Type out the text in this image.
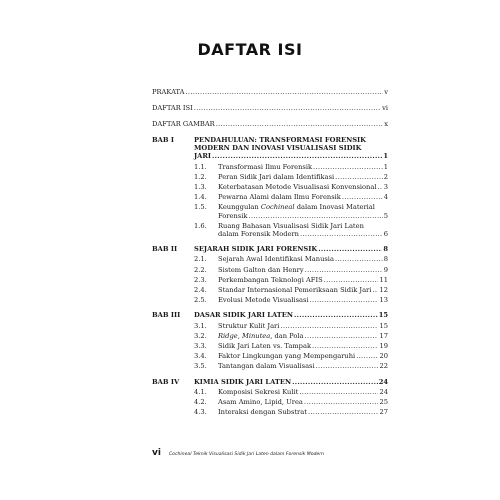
DAFTAR ISI
PRAKATA .....	v
DAFTAR ISI .....	vi
DAFTAR GAMBAR .....	x
BAB I	PENDAHULUAN: TRANSFORMASI FORENSIK
MODERN DAN INOVASI VISUALISASI SIDIK
JARI .....	1
1.1.	Transformasi Ilmu Forensik .....	1
1.2.	Peran Sidik Jari dalam Identifikasi .....	2
1.3.	Keterbatasan Metode Visualisasi Konvensional ..... 3
1.4.	Pewarna Alami dalam Ilmu Forensik .....	4
1.5.	Keunggulan Cochineal dalam Inovasi Material
Forensik .....	5
1.6.	Ruang Bahasan Visualisasi Sidik Jari Laten
dalam Forensik Modern .....	6
BAB II	SEJARAH SIDIK JARI FORENSIK .....	8
2.1.	Sejarah Awal Identifikasi Manusia .....	8
2.2.	Sistem Galton dan Henry .....	9
2.3.	Perkembangan Teknologi AFIS .....	11
2.4.	Standar Internasional Pemeriksaan Sidik Jari ..... 12
2.5.	Evolusi Metode Visualisasi .....	13
BAB III	DASAR SIDIK JARI LATEN .....	15
3.1.	Struktur Kulit Jari .....	15
3.2.	Ridge, Minutea, dan Pola .....	17
3.3.	Sidik Jari Laten vs. Tampak .....	19
3.4.	Faktor Lingkungan yang Mempengaruhi .....	20
3.5.	Tantangan dalam Visualisasi .....	22
BAB IV	KIMIA SIDIK JARI LATEN .....	24
4.1.	Komposisi Sekresi Kulit .....	24
4.2.	Asam Amino, Lipid, Urea .....	25
4.3.	Interaksi dengan Substrat .....	27
vi Cochineal Teknik Visualisasi Sidik Jari Laten dalam Forensik Modern
